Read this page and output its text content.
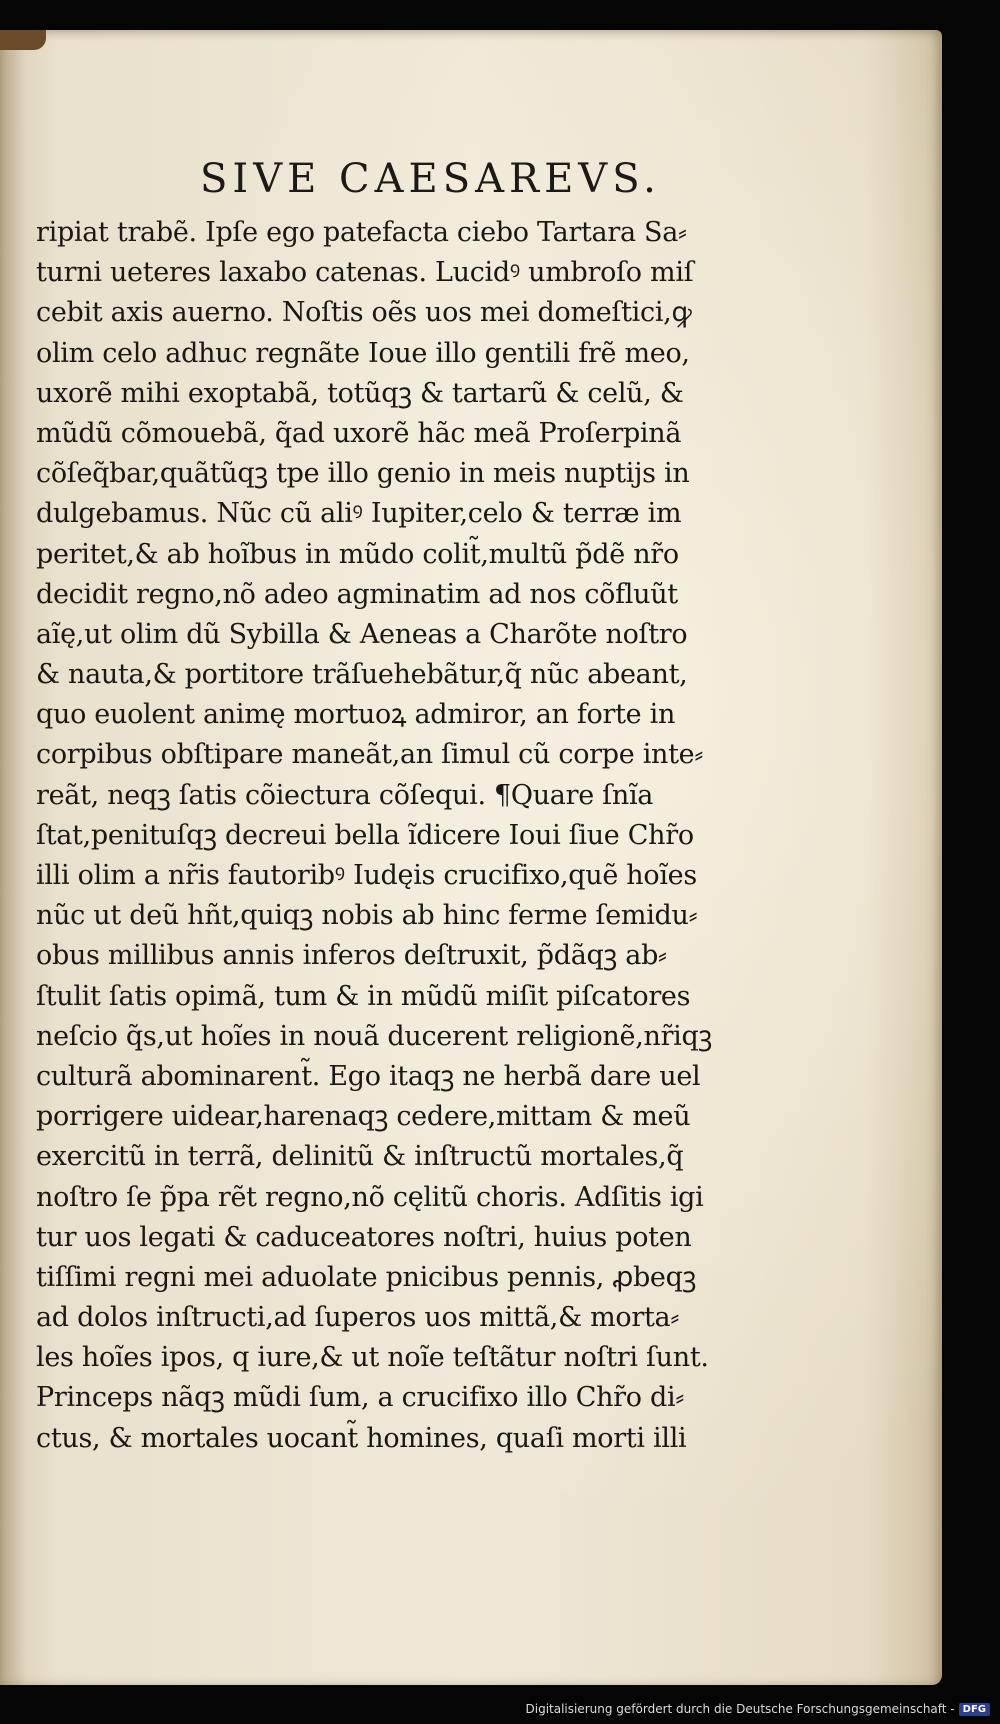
SIVE CAESAREVS.
ripiat trabẽ. Ipſe ego patefacta ciebo Tartara Sa⸗
turni ueteres laxabo catenas. Lucidꝰ umbroſo miſ
cebit axis auerno. Noſtis oẽs uos mei domeſtici,ꝙ
olim celo adhuc regnãte Ioue illo gentili frẽ meo,
uxorẽ mihi exoptabã, totũqꝫ & tartarũ & celũ, &
mũdũ cõmouebã, q̃ad uxorẽ hãc meã Proſerpinã
cõſeq̃bar,quãtũqꝫ tpe illo genio in meis nuptijs in
dulgebamus. Nũc cũ aliꝰ Iupiter,celo & terræ im
peritet,& ab hoĩbus in mũdo colit̃,multũ p̃dẽ nr̃o
decidit regno,nõ adeo agminatim ad nos cõfluũt
aĩę,ut olim dũ Sybilla & Aeneas a Charõte noſtro
& nauta,& portitore trãſuehebãtur,q̃ nũc abeant,
quo euolent animę mortuoꝝ admiror, an forte in
corpibus obſtipare maneãt,an ſimul cũ corpe inte⸗
reãt, neqꝫ ſatis cõiectura cõſequi. ¶Quare ſnĩa
ſtat,penituſqꝫ decreui bella ĩdicere Ioui ſiue Chr̃o
illi olim a nr̃is fautoribꝰ Iudęis crucifixo,quẽ hoĩes
nũc ut deũ hñt,quiqꝫ nobis ab hinc ferme ſemidu⸗
obus millibus annis inferos deſtruxit, p̃dãqꝫ ab⸗
ſtulit ſatis opimã, tum & in mũdũ miſit piſcatores
neſcio q̃s,ut hoĩes in nouã ducerent religionẽ,nr̃iqꝫ
culturã abominarent̃. Ego itaqꝫ ne herbã dare uel
porrigere uidear,harenaqꝫ cedere,mittam & meũ
exercitũ in terrã, delinitũ & inſtructũ mortales,q̃
noſtro ſe p̃pa rẽt regno,nõ cęlitũ choris. Adſitis igi
tur uos legati & caduceatores noſtri, huius poten
tiſſimi regni mei aduolate pnicibus pennis, ꝓbeqꝫ
ad dolos inſtructi,ad ſuperos uos mittã,& morta⸗
les hoĩes ipos, q iure,& ut noĩe teſtãtur noſtri ſunt.
Princeps nãqꝫ mũdi ſum, a crucifixo illo Chr̃o di⸗
ctus, & mortales uocant̃ homines, quaſi morti illi
Digitalisierung gefördert durch die Deutsche Forschungsgemeinschaft - DFG
